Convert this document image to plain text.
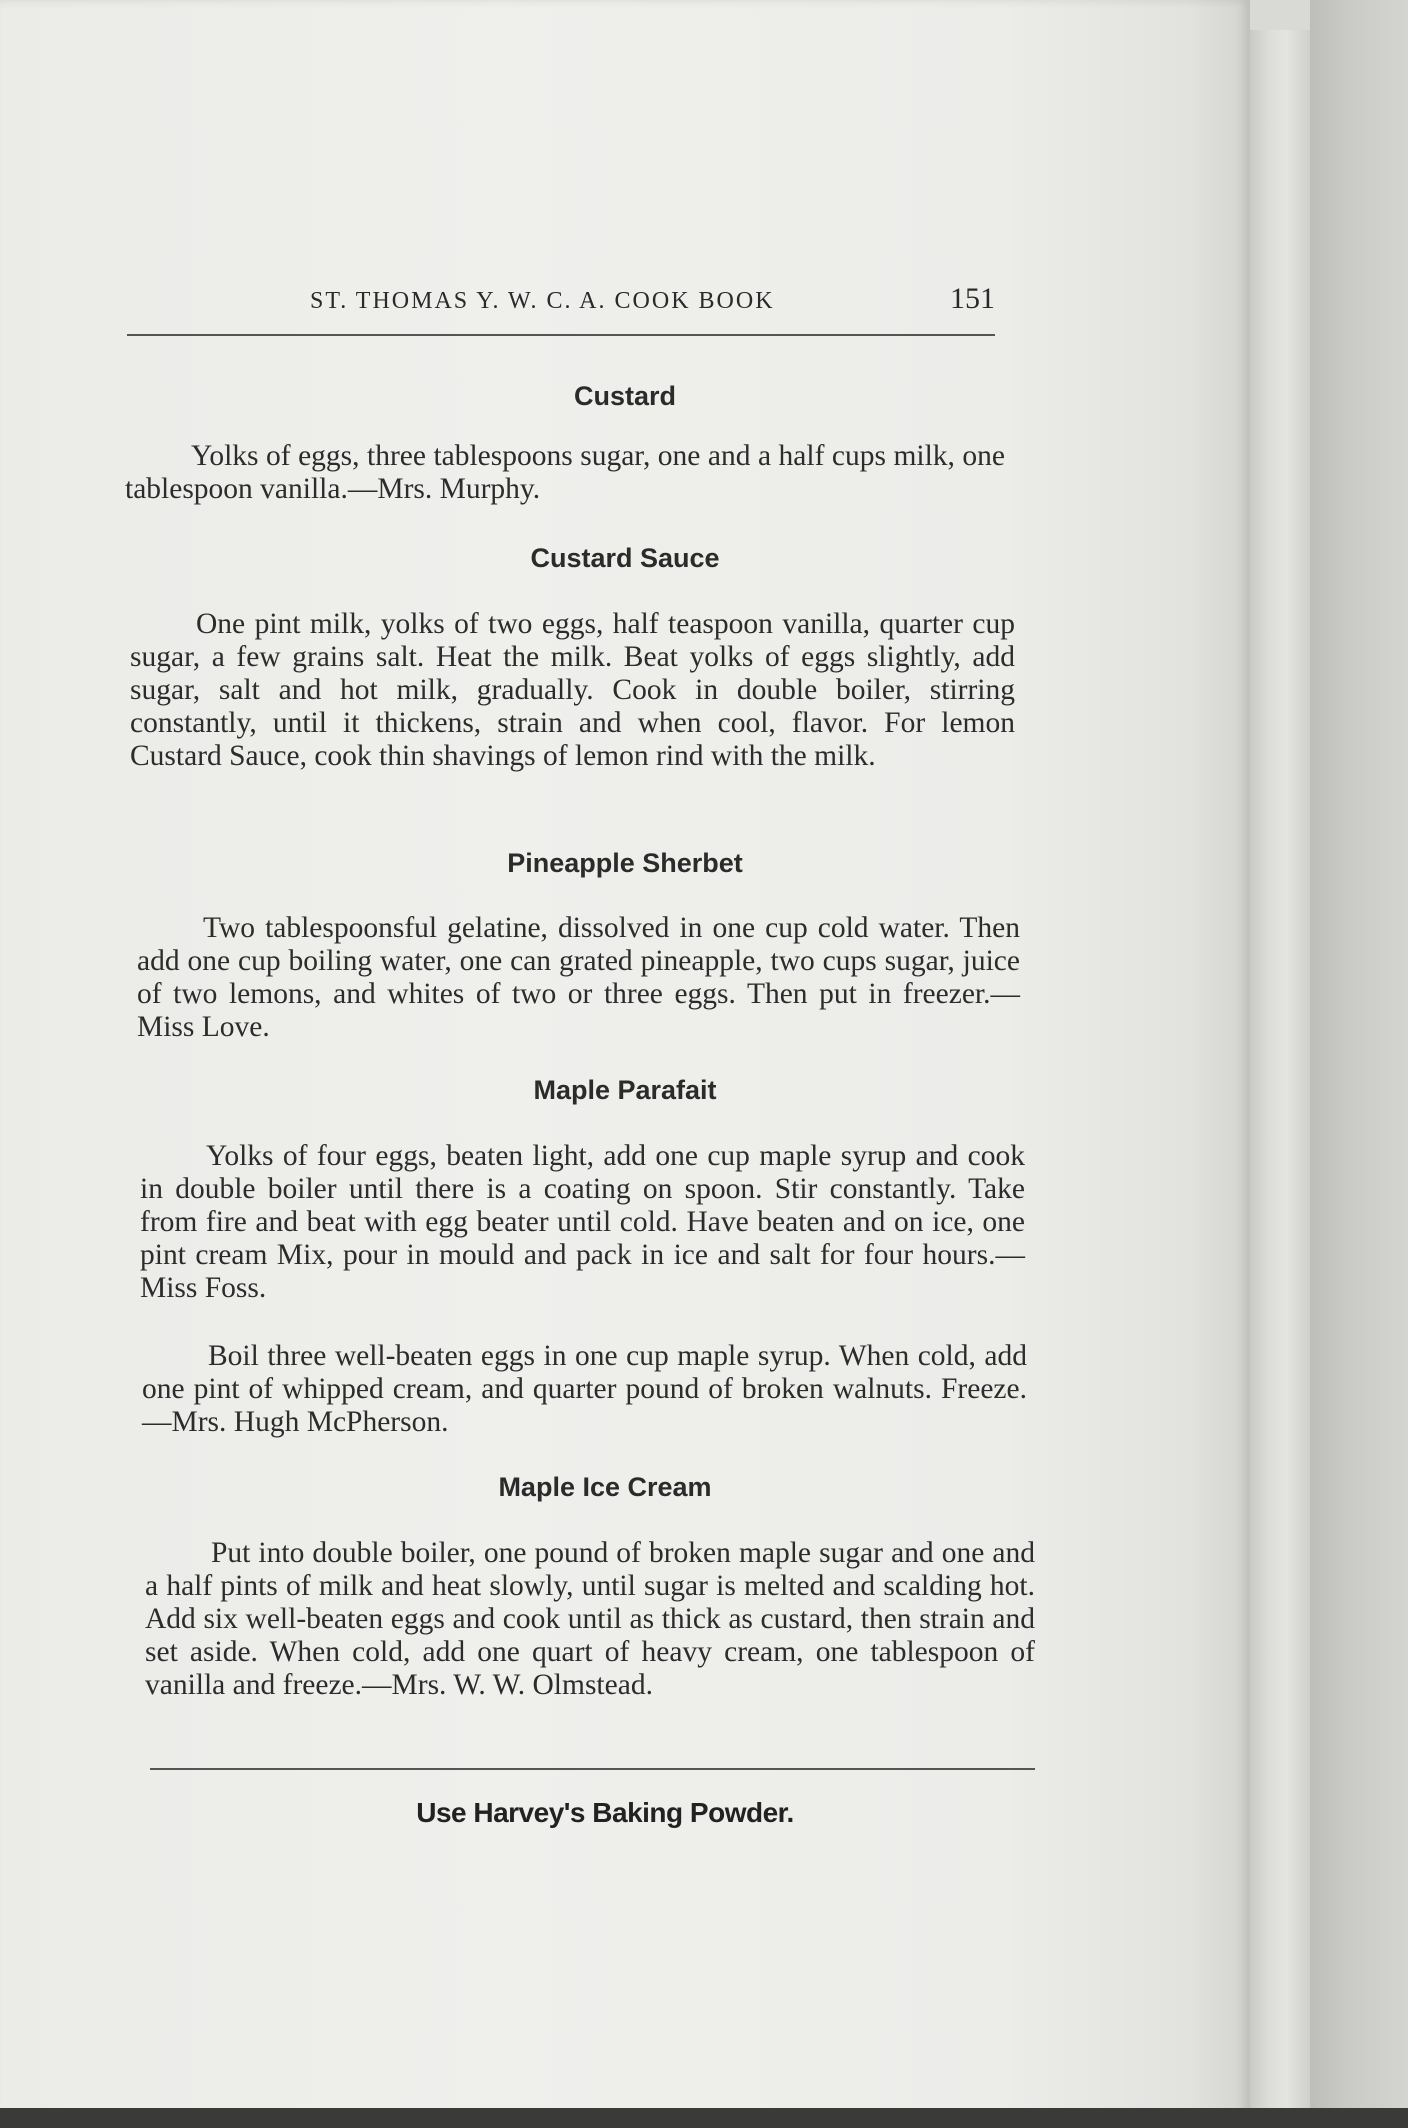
ST. THOMAS Y. W. C. A. COOK BOOK	151
Custard
Yolks of eggs, three tablespoons sugar, one and a half cups milk, one tablespoon vanilla.—Mrs. Murphy.
Custard Sauce
One pint milk, yolks of two eggs, half teaspoon vanilla, quarter cup sugar, a few grains salt. Heat the milk. Beat yolks of eggs slightly, add sugar, salt and hot milk, gradually. Cook in double boiler, stirring constantly, until it thickens, strain and when cool, flavor. For lemon Custard Sauce, cook thin shavings of lemon rind with the milk.
Pineapple Sherbet
Two tablespoonsful gelatine, dissolved in one cup cold water. Then add one cup boiling water, one can grated pineapple, two cups sugar, juice of two lemons, and whites of two or three eggs. Then put in freezer.—Miss Love.
Maple Parafait
Yolks of four eggs, beaten light, add one cup maple syrup and cook in double boiler until there is a coating on spoon. Stir constantly. Take from fire and beat with egg beater until cold. Have beaten and on ice, one pint cream Mix, pour in mould and pack in ice and salt for four hours.—Miss Foss.
Boil three well-beaten eggs in one cup maple syrup. When cold, add one pint of whipped cream, and quarter pound of broken walnuts. Freeze.—Mrs. Hugh McPherson.
Maple Ice Cream
Put into double boiler, one pound of broken maple sugar and one and a half pints of milk and heat slowly, until sugar is melted and scalding hot. Add six well-beaten eggs and cook until as thick as custard, then strain and set aside. When cold, add one quart of heavy cream, one tablespoon of vanilla and freeze.—Mrs. W. W. Olmstead.
Use Harvey's Baking Powder.
